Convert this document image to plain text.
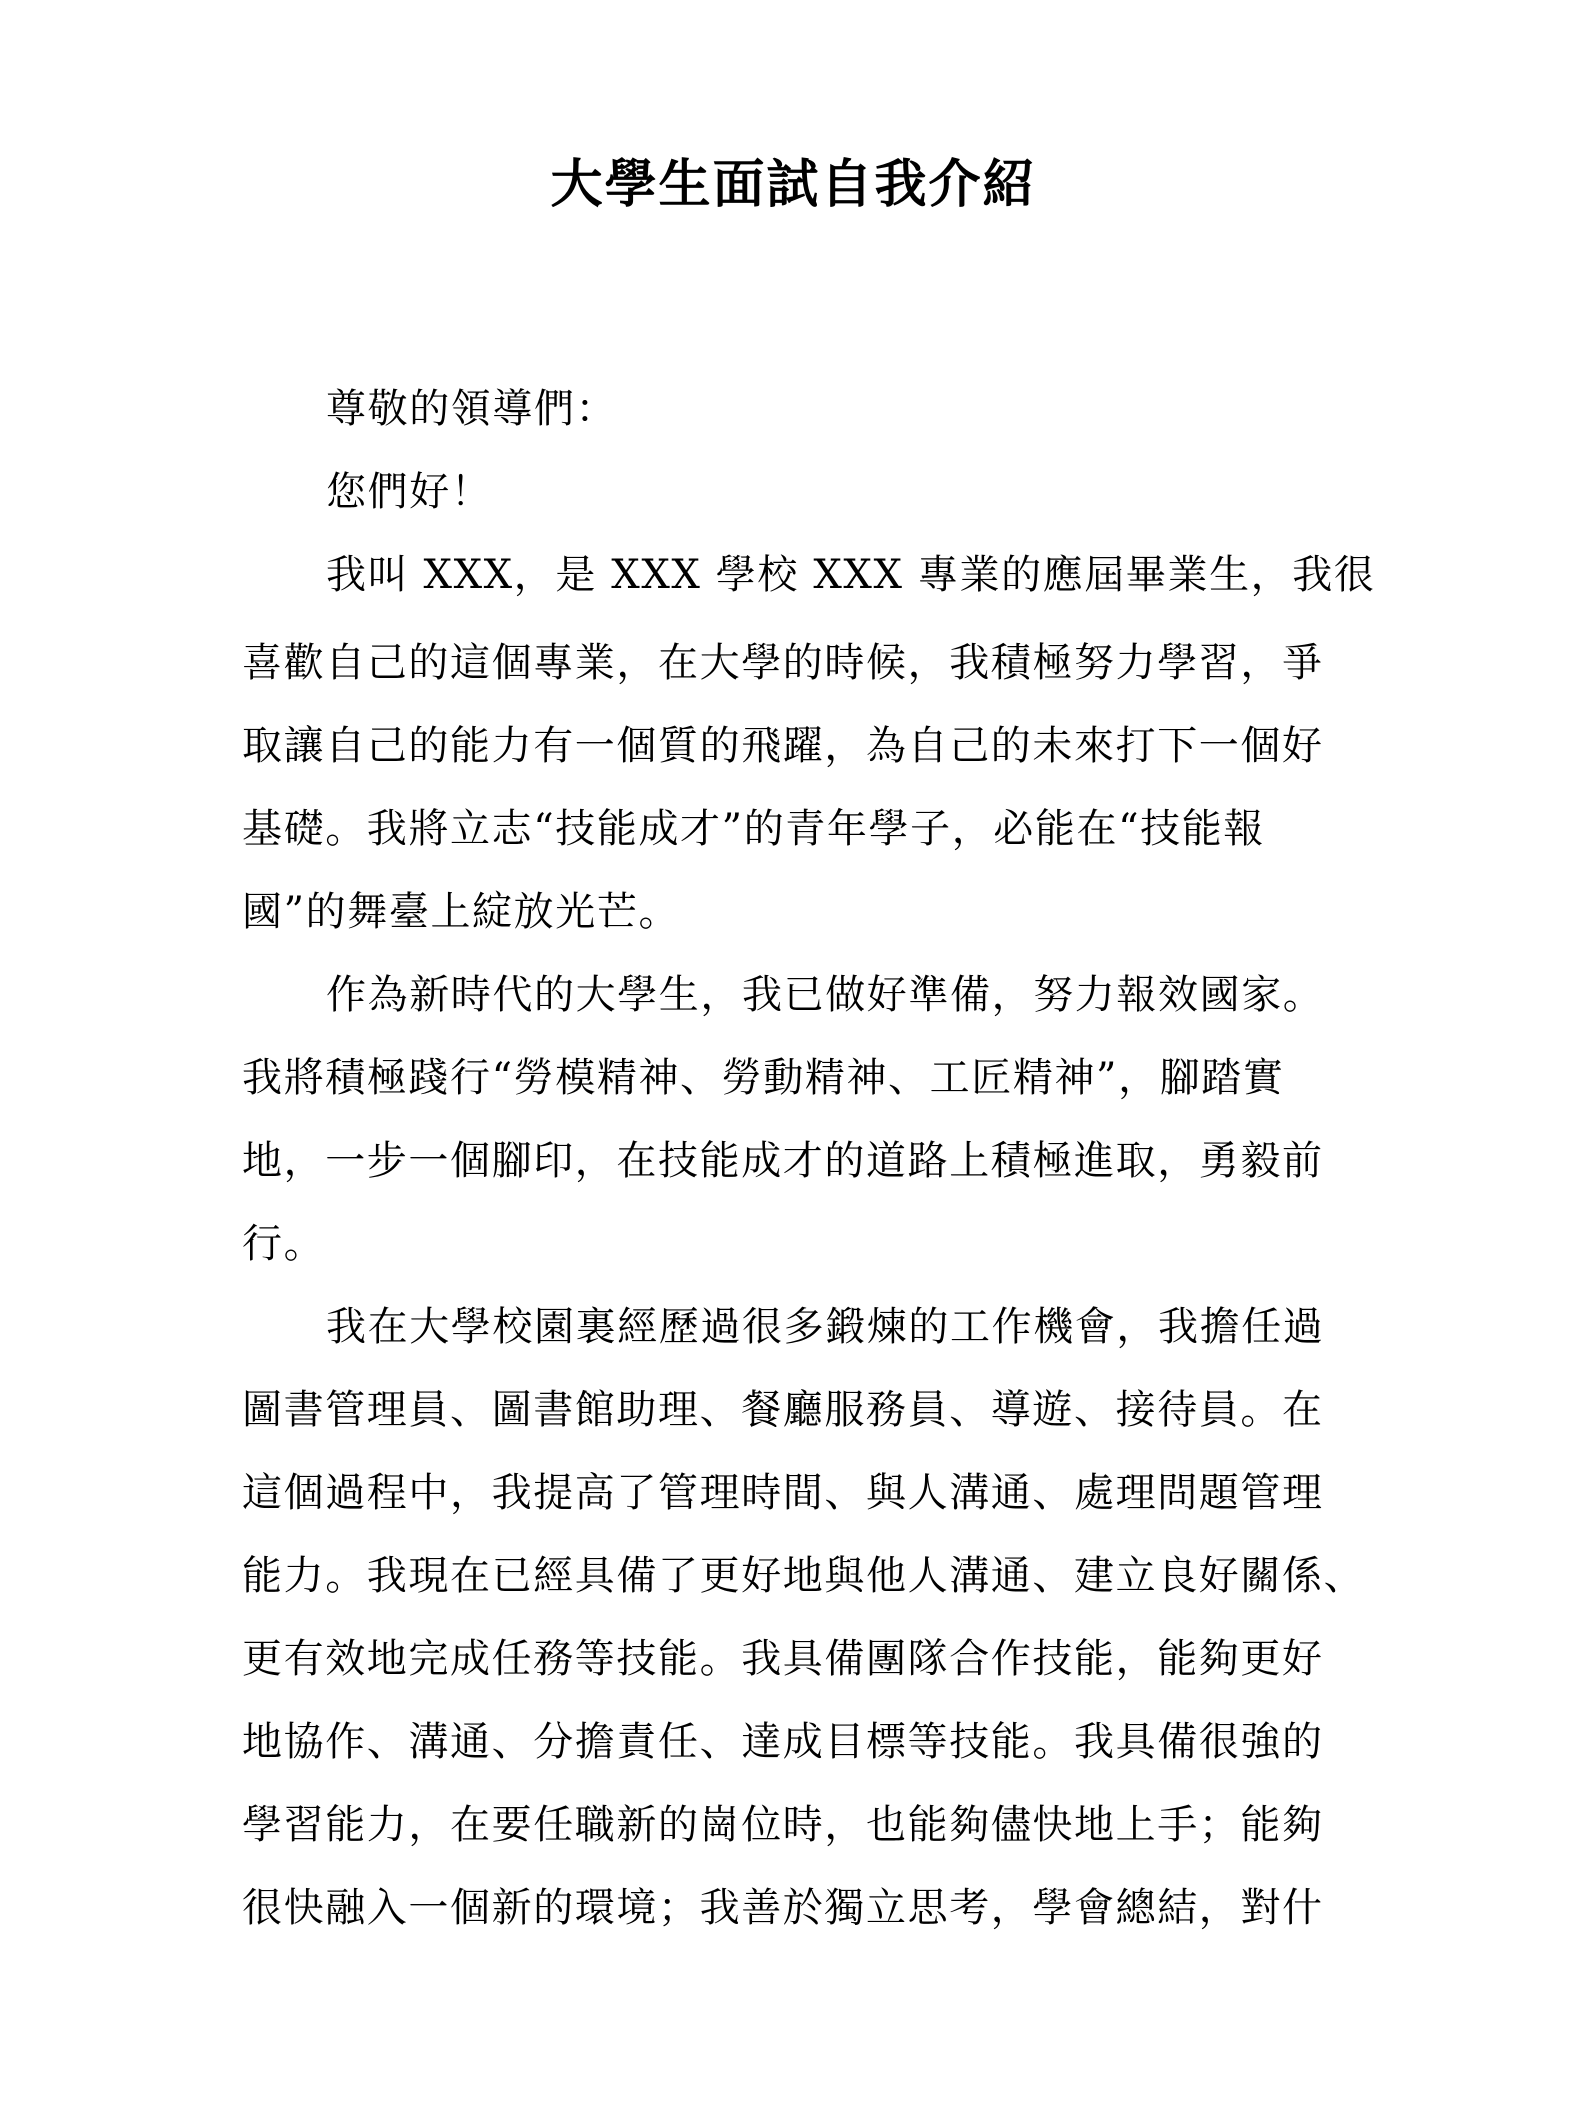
大學生面試自我介紹
尊敬的領導們：
您們好！
我叫 XXX，是 XXX 學校 XXX 專業的應屆畢業生，我很
喜歡自己的這個專業，在大學的時候，我積極努力學習，爭
取讓自己的能力有一個質的飛躍，為自己的未來打下一個好
基礎。我將立志“技能成才”的青年學子，必能在“技能報
國”的舞臺上綻放光芒。
作為新時代的大學生，我已做好準備，努力報效國家。
我將積極踐行“勞模精神、勞動精神、工匠精神”，腳踏實
地，一步一個腳印，在技能成才的道路上積極進取，勇毅前
行。
我在大學校園裏經歷過很多鍛煉的工作機會，我擔任過
圖書管理員、圖書館助理、餐廳服務員、導遊、接待員。在
這個過程中，我提高了管理時間、與人溝通、處理問題管理
能力。我現在已經具備了更好地與他人溝通、建立良好關係、
更有效地完成任務等技能。我具備團隊合作技能，能夠更好
地協作、溝通、分擔責任、達成目標等技能。我具備很強的
學習能力，在要任職新的崗位時，也能夠儘快地上手；能夠
很快融入一個新的環境；我善於獨立思考，學會總結，對什
